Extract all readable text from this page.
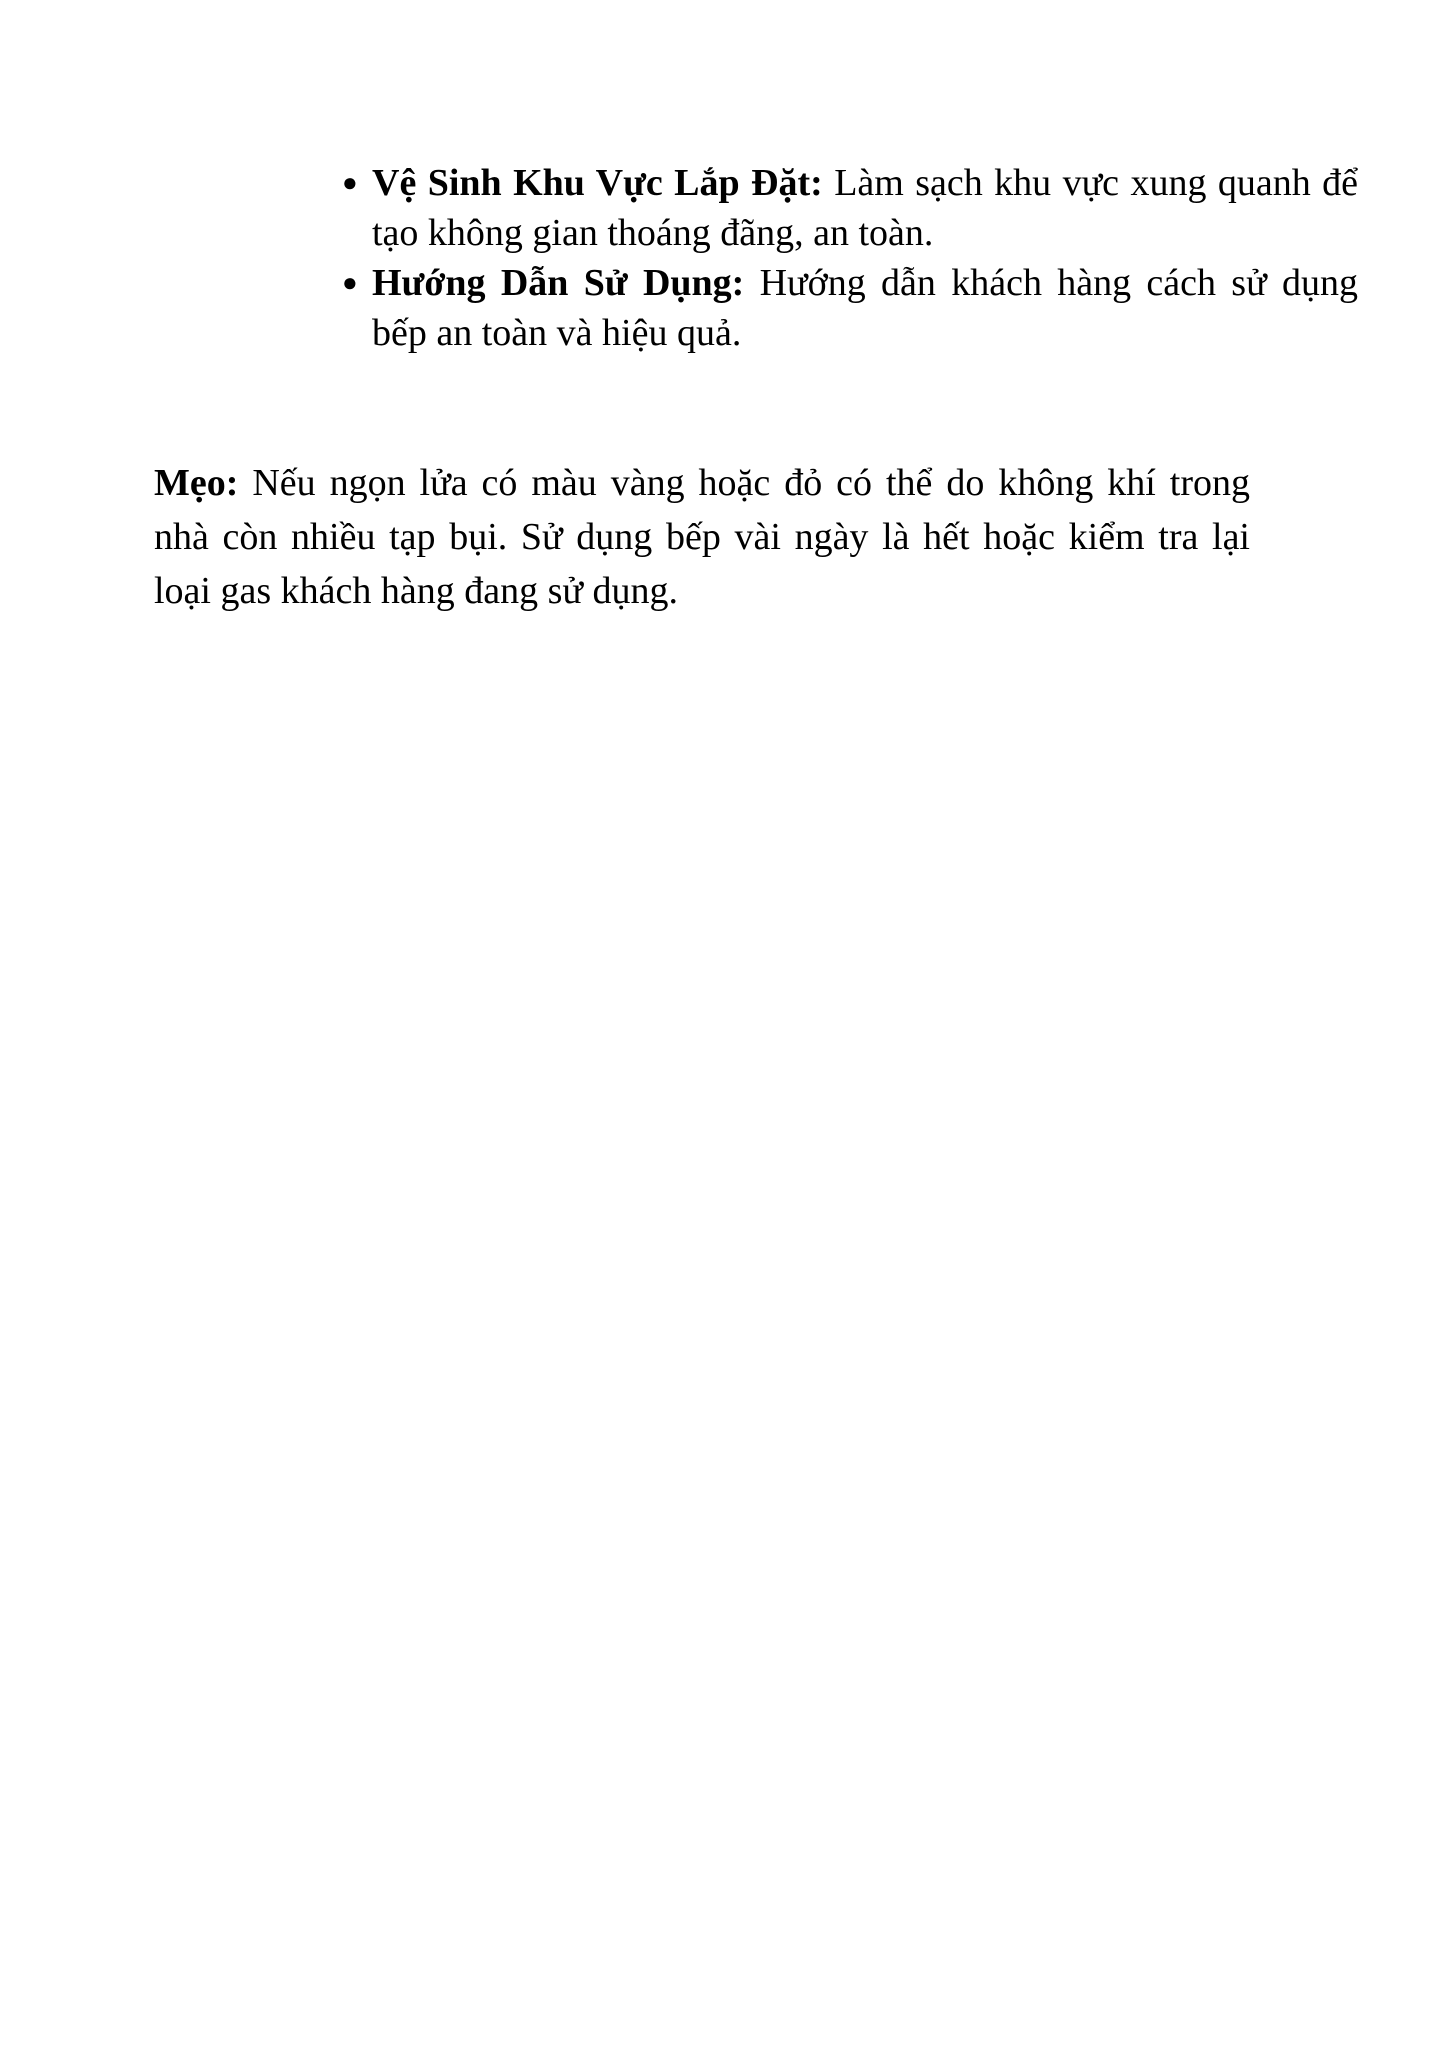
● Vệ Sinh Khu Vực Lắp Đặt: Làm sạch khu vực xung quanh để tạo không gian thoáng đãng, an toàn.
● Hướng Dẫn Sử Dụng: Hướng dẫn khách hàng cách sử dụng bếp an toàn và hiệu quả.

Mẹo: Nếu ngọn lửa có màu vàng hoặc đỏ có thể do không khí trong nhà còn nhiều tạp bụi. Sử dụng bếp vài ngày là hết hoặc kiểm tra lại loại gas khách hàng đang sử dụng.
